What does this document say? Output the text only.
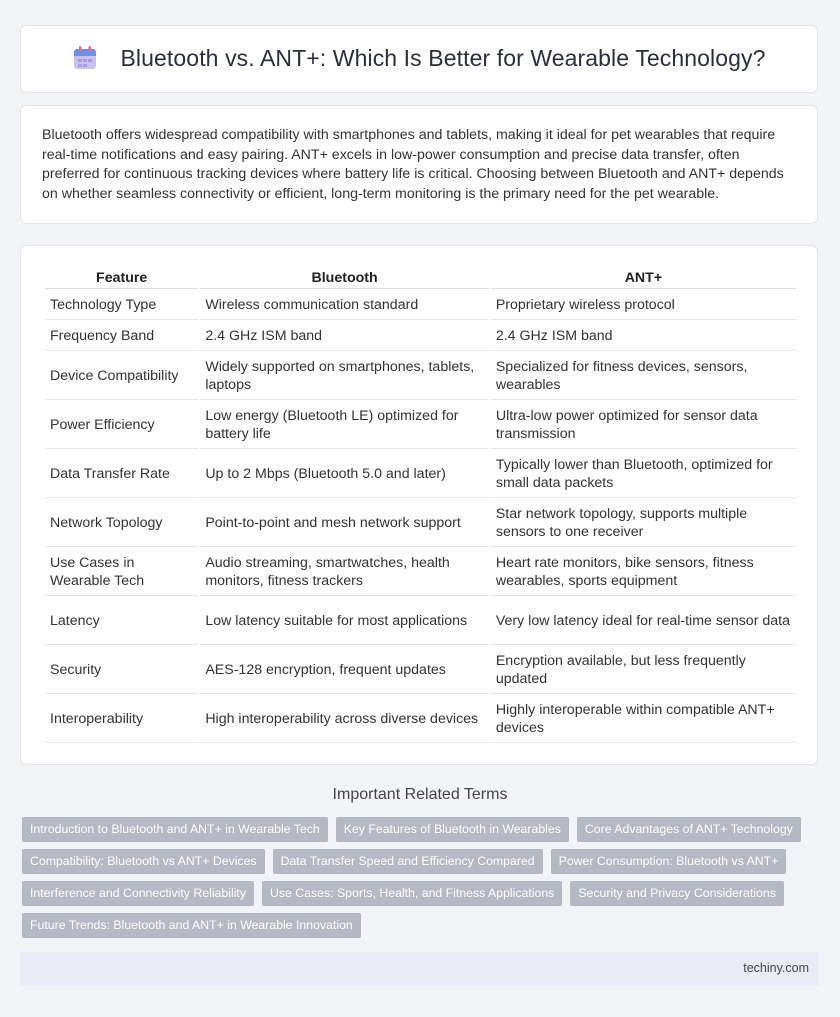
Bluetooth vs. ANT+: Which Is Better for Wearable Technology?

Bluetooth offers widespread compatibility with smartphones and tablets, making it ideal for pet wearables that require real-time notifications and easy pairing. ANT+ excels in low-power consumption and precise data transfer, often preferred for continuous tracking devices where battery life is critical. Choosing between Bluetooth and ANT+ depends on whether seamless connectivity or efficient, long-term monitoring is the primary need for the pet wearable.

Feature	Bluetooth	ANT+
Technology Type	Wireless communication standard	Proprietary wireless protocol
Frequency Band	2.4 GHz ISM band	2.4 GHz ISM band
Device Compatibility	Widely supported on smartphones, tablets, laptops	Specialized for fitness devices, sensors, wearables
Power Efficiency	Low energy (Bluetooth LE) optimized for battery life	Ultra-low power optimized for sensor data transmission
Data Transfer Rate	Up to 2 Mbps (Bluetooth 5.0 and later)	Typically lower than Bluetooth, optimized for small data packets
Network Topology	Point-to-point and mesh network support	Star network topology, supports multiple sensors to one receiver
Use Cases in Wearable Tech	Audio streaming, smartwatches, health monitors, fitness trackers	Heart rate monitors, bike sensors, fitness wearables, sports equipment
Latency	Low latency suitable for most applications	Very low latency ideal for real-time sensor data
Security	AES-128 encryption, frequent updates	Encryption available, but less frequently updated
Interoperability	High interoperability across diverse devices	Highly interoperable within compatible ANT+ devices
Important Related Terms
Introduction to Bluetooth and ANT+ in Wearable Tech	Key Features of Bluetooth in Wearables	Core Advantages of ANT+ Technology
Compatibility: Bluetooth vs ANT+ Devices	Data Transfer Speed and Efficiency Compared	Power Consumption: Bluetooth vs ANT+
Interference and Connectivity Reliability	Use Cases: Sports, Health, and Fitness Applications	Security and Privacy Considerations
Future Trends: Bluetooth and ANT+ in Wearable Innovation
techiny.com
